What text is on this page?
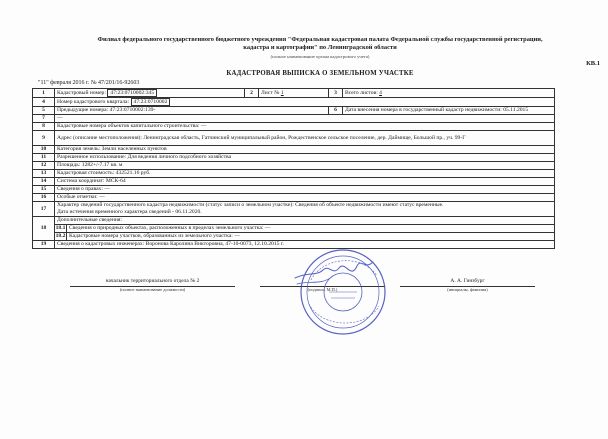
Филиал федерального государственного бюджетного учреждения "Федеральная кадастровая палата Федеральной службы государственной регистрации,
кадастра и картографии" по Ленинградской области
(полное наименование органа кадастрового учета)
КВ.1
КАДАСТРОВАЯ ВЫПИСКА О ЗЕМЕЛЬНОМ УЧАСТКЕ
"11" февраля 2016 г. № 47/201/16-92603
1	Кадастровый номер: 47:23:0710002:345		2	Лист № 1	3	Всего листов: 4
4	Номер кадастрового квартала: 47:23:0710002					
5	Предыдущие номера: 47:23:0710002:139-				6	Дата внесения номера в государственный кадастр недвижимости: 05.11.2015
7	—					
8	Кадастровые номера объектов капитального строительства: —					
9	Адрес (описание местоположения): Ленинградская область, Гатчинский муниципальный район, Рождественское сельское поселение, дер. Даймище, Большой пр., уч. 99-Г					
10	Категория земель: Земли населенных пунктов					
11	Разрешенное использование: Для ведения личного подсобного хозяйства					
12	Площадь: 1282+/-7.17 кв. м					
13	Кадастровая стоимость: 432521.16 руб.					
14	Система координат: МСК-64					
15	Сведения о правах: —					
16	Особые отметки: —					
17	Характер сведений государственного кадастра недвижимости (статус записи о земельном участке): Сведения об объекте недвижимости имеют статус временные.
Дата истечения временного характера сведений - 06.11.2020.					

18	Дополнительные сведения:					
	18.1	Сведения о природных объектах, расположенных в пределах земельного участка: —				
	18.2	Кадастровые номера участков, образованных из земельного участка: —				
19	Сведения о кадастровых инженерах: Воронова Каролина Викторовна, 47-10-0073, 12.10.2015 г.					
начальник территориального отдела № 2
(полное наименование должности)	(подпись, М.П.)
А. А. Гинзбург
(инициалы, фамилия)
